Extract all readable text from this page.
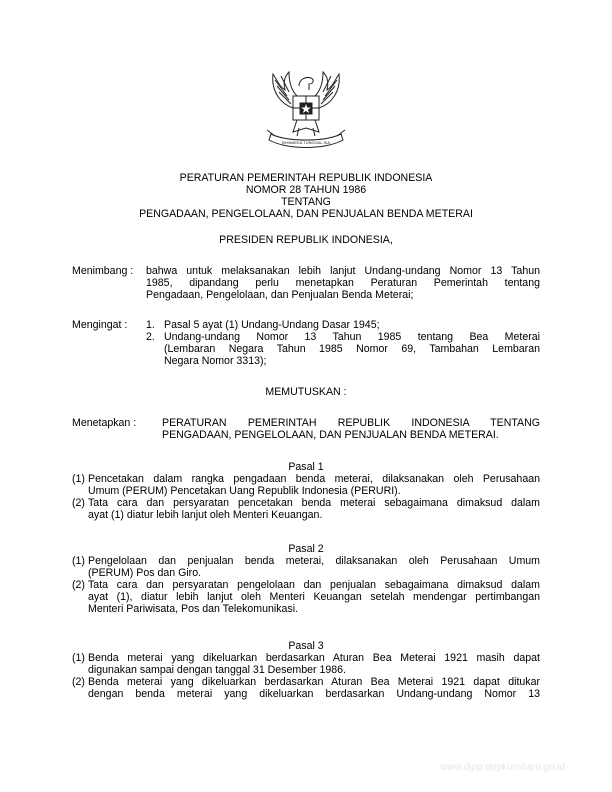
BHINNEKA TUNGGAL IKA
PERATURAN PEMERINTAH REPUBLIK INDONESIA
NOMOR 28 TAHUN 1986
TENTANG
PENGADAAN, PENGELOLAAN, DAN PENJUALAN BENDA METERAI
PRESIDEN REPUBLIK INDONESIA,
Menimbang : bahwa untuk melaksanakan lebih lanjut Undang-undang Nomor 13 Tahun
1985, dipandang perlu menetapkan Peraturan Pemerintah tentang
Pengadaan, Pengelolaan, dan Penjualan Benda Meterai;
Mengingat : 1. Pasal 5 ayat (1) Undang-Undang Dasar 1945;
2. Undang-undang Nomor 13 Tahun 1985 tentang Bea Meterai
(Lembaran Negara Tahun 1985 Nomor 69, Tambahan Lembaran
Negara Nomor 3313);
MEMUTUSKAN :
Menetapkan : PERATURAN PEMERINTAH REPUBLIK INDONESIA TENTANG
PENGADAAN, PENGELOLAAN, DAN PENJUALAN BENDA METERAI.
Pasal 1
(1) Pencetakan dalam rangka pengadaan benda meterai, dilaksanakan oleh Perusahaan
Umum (PERUM) Pencetakan Uang Republik Indonesia (PERURI).
(2) Tata cara dan persyaratan pencetakan benda meterai sebagaimana dimaksud dalam
ayat (1) diatur lebih lanjut oleh Menteri Keuangan.
Pasal 2
(1) Pengelolaan dan penjualan benda meterai, dilaksanakan oleh Perusahaan Umum
(PERUM) Pos dan Giro.
(2) Tata cara dan persyaratan pengelolaan dan penjualan sebagaimana dimaksud dalam
ayat (1), diatur lebih lanjut oleh Menteri Keuangan setelah mendengar pertimbangan
Menteri Pariwisata, Pos dan Telekomunikasi.
Pasal 3
(1) Benda meterai yang dikeluarkan berdasarkan Aturan Bea Meterai 1921 masih dapat
digunakan sampai dengan tanggal 31 Desember 1986.
(2) Benda meterai yang dikeluarkan berdasarkan Aturan Bea Meterai 1921 dapat ditukar
dengan benda meterai yang dikeluarkan berdasarkan Undang-undang Nomor 13
www.djpp.depkumham.go.id
